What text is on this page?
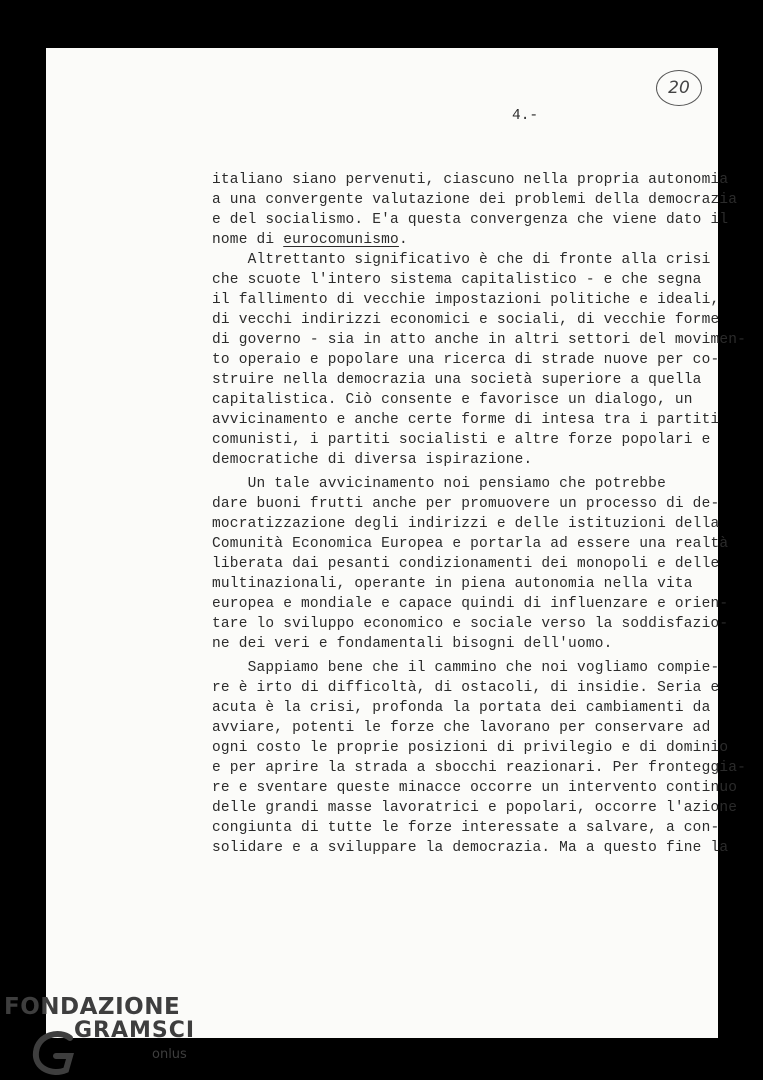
20
4.-
italiano siano pervenuti, ciascuno nella propria autonomia
a una convergente valutazione dei problemi della democrazia
e del socialismo. E'a questa convergenza che viene dato il
nome di eurocomunismo.
Altrettanto significativo è che di fronte alla crisi
che scuote l'intero sistema capitalistico - e che segna
il fallimento di vecchie impostazioni politiche e ideali,
di vecchi indirizzi economici e sociali, di vecchie forme
di governo - sia in atto anche in altri settori del movimen-
to operaio e popolare una ricerca di strade nuove per co-
struire nella democrazia una società superiore a quella
capitalistica. Ciò consente e favorisce un dialogo, un
avvicinamento e anche certe forme di intesa tra i partiti
comunisti, i partiti socialisti e altre forze popolari e
democratiche di diversa ispirazione.
Un tale avvicinamento noi pensiamo che potrebbe
dare buoni frutti anche per promuovere un processo di de-
mocratizzazione degli indirizzi e delle istituzioni della
Comunità Economica Europea e portarla ad essere una realtà
liberata dai pesanti condizionamenti dei monopoli e delle
multinazionali, operante in piena autonomia nella vita
europea e mondiale e capace quindi di influenzare e orien-
tare lo sviluppo economico e sociale verso la soddisfazio-
ne dei veri e fondamentali bisogni dell'uomo.
Sappiamo bene che il cammino che noi vogliamo compie-
re è irto di difficoltà, di ostacoli, di insidie. Seria e
acuta è la crisi, profonda la portata dei cambiamenti da
avviare, potenti le forze che lavorano per conservare ad
ogni costo le proprie posizioni di privilegio e di dominio
e per aprire la strada a sbocchi reazionari. Per fronteggia-
re e sventare queste minacce occorre un intervento continuo
delle grandi masse lavoratrici e popolari, occorre l'azione
congiunta di tutte le forze interessate a salvare, a con-
solidare e a sviluppare la democrazia. Ma a questo fine la
FONDAZIONE
GRAMSCI
onlus
